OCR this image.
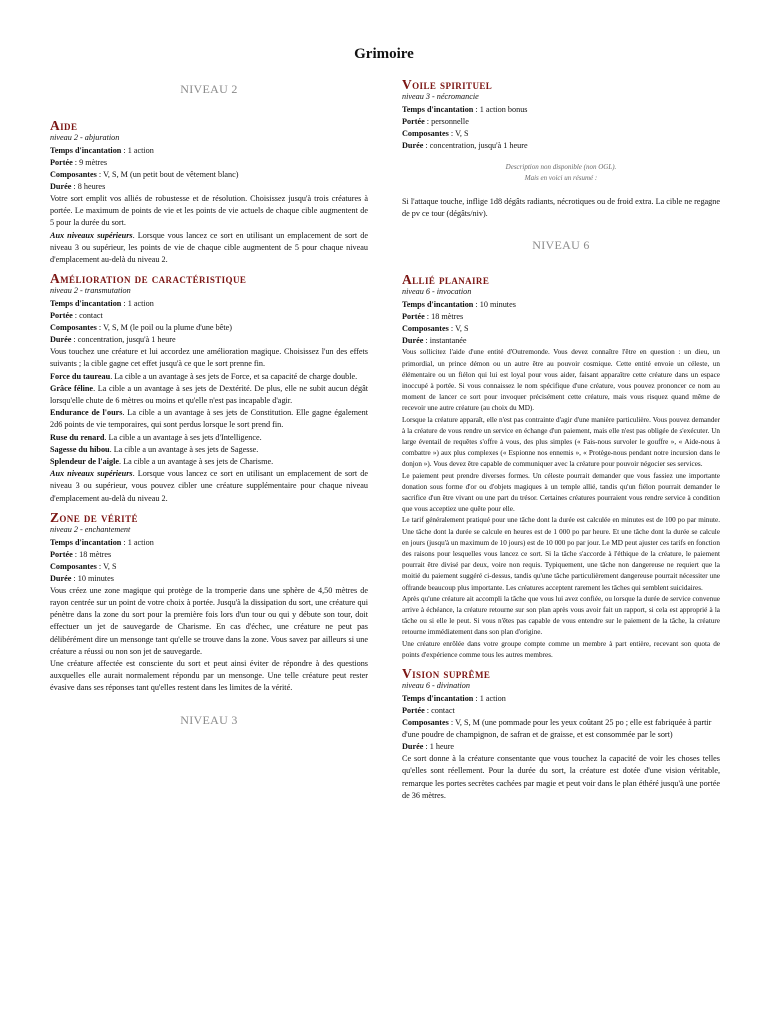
Grimoire
NIVEAU 2
Aide
niveau 2 - abjuration
Temps d'incantation : 1 action
Portée : 9 mètres
Composantes : V, S, M (un petit bout de vêtement blanc)
Durée : 8 heures

Votre sort emplit vos alliés de robustesse et de résolution. Choisissez jusqu'à trois créatures à portée. Le maximum de points de vie et les points de vie actuels de chaque cible augmentent de 5 pour la durée du sort.

Aux niveaux supérieurs. Lorsque vous lancez ce sort en utilisant un emplacement de sort de niveau 3 ou supérieur, les points de vie de chaque cible augmentent de 5 pour chaque niveau d'emplacement au-delà du niveau 2.

Amélioration de caractéristique
niveau 2 - transmutation
Temps d'incantation : 1 action
Portée : contact
Composantes : V, S, M (le poil ou la plume d'une bête)
Durée : concentration, jusqu'à 1 heure

Vous touchez une créature et lui accordez une amélioration magique. Choisissez l'un des effets suivants ; la cible gagne cet effet jusqu'à ce que le sort prenne fin.

Force du taureau. La cible a un avantage à ses jets de Force, et sa capacité de charge double.

Grâce féline. La cible a un avantage à ses jets de Dextérité. De plus, elle ne subit aucun dégât lorsqu'elle chute de 6 mètres ou moins et qu'elle n'est pas incapable d'agir.

Endurance de l'ours. La cible a un avantage à ses jets de Constitution. Elle gagne également 2d6 points de vie temporaires, qui sont perdus lorsque le sort prend fin.

Ruse du renard. La cible a un avantage à ses jets d'Intelligence.

Sagesse du hibou. La cible a un avantage à ses jets de Sagesse.

Splendeur de l'aigle. La cible a un avantage à ses jets de Charisme.

Aux niveaux supérieurs. Lorsque vous lancez ce sort en utilisant un emplacement de sort de niveau 3 ou supérieur, vous pouvez cibler une créature supplémentaire pour chaque niveau d'emplacement au-delà du niveau 2.

Zone de vérité
niveau 2 - enchantement
Temps d'incantation : 1 action
Portée : 18 mètres
Composantes : V, S
Durée : 10 minutes

Vous créez une zone magique qui protège de la tromperie dans une sphère de 4,50 mètres de rayon centrée sur un point de votre choix à portée. Jusqu'à la dissipation du sort, une créature qui pénètre dans la zone du sort pour la première fois lors d'un tour ou qui y débute son tour, doit effectuer un jet de sauvegarde de Charisme. En cas d'échec, une créature ne peut pas délibérément dire un mensonge tant qu'elle se trouve dans la zone. Vous savez par ailleurs si une créature a réussi ou non son jet de sauvegarde.

Une créature affectée est consciente du sort et peut ainsi éviter de répondre à des questions auxquelles elle aurait normalement répondu par un mensonge. Une telle créature peut rester évasive dans ses réponses tant qu'elles restent dans les limites de la vérité.

NIVEAU 3
Voile spirituel
niveau 3 - nécromancie
Temps d'incantation : 1 action bonus
Portée : personnelle
Composantes : V, S
Durée : concentration, jusqu'à 1 heure
Description non disponible (non OGL).
Mais en voici un résumé :

Si l'attaque touche, inflige 1d8 dégâts radiants, nécrotiques ou de froid extra. La cible ne regagne de pv ce tour (dégâts/niv).

NIVEAU 6
Allié planaire
niveau 6 - invocation
Temps d'incantation : 10 minutes
Portée : 18 mètres
Composantes : V, S
Durée : instantanée

Vous sollicitez l'aide d'une entité d'Outremonde. Vous devez connaître l'être en question : un dieu, un primordial, un prince démon ou un autre être au pouvoir cosmique. Cette entité envoie un céleste, un élémentaire ou un fiélon qui lui est loyal pour vous aider, faisant apparaître cette créature dans un espace inoccupé à portée. Si vous connaissez le nom spécifique d'une créature, vous pouvez prononcer ce nom au moment de lancer ce sort pour invoquer précisément cette créature, mais vous risquez quand même de recevoir une autre créature (au choix du MD).

Lorsque la créature apparaît, elle n'est pas contrainte d'agir d'une manière particulière. Vous pouvez demander à la créature de vous rendre un service en échange d'un paiement, mais elle n'est pas obligée de s'exécuter. Un large éventail de requêtes s'offre à vous, des plus simples (« Fais-nous survoler le gouffre », « Aide-nous à combattre ») aux plus complexes (« Espionne nos ennemis », « Protège-nous pendant notre incursion dans le donjon »). Vous devez être capable de communiquer avec la créature pour pouvoir négocier ses services.

Le paiement peut prendre diverses formes. Un céleste pourrait demander que vous fassiez une importante donation sous forme d'or ou d'objets magiques à un temple allié, tandis qu'un fiélon pourrait demander le sacrifice d'un être vivant ou une part du trésor. Certaines créatures pourraient vous rendre service à condition que vous acceptiez une quête pour elle.

Le tarif généralement pratiqué pour une tâche dont la durée est calculée en minutes est de 100 po par minute. Une tâche dont la durée se calcule en heures est de 1 000 po par heure. Et une tâche dont la durée se calcule en jours (jusqu'à un maximum de 10 jours) est de 10 000 po par jour. Le MD peut ajuster ces tarifs en fonction des raisons pour lesquelles vous lancez ce sort. Si la tâche s'accorde à l'éthique de la créature, le paiement pourrait être divisé par deux, voire non requis. Typiquement, une tâche non dangereuse ne requiert que la moitié du paiement suggéré ci-dessus, tandis qu'une tâche particulièrement dangereuse pourrait nécessiter une offrande beaucoup plus importante. Les créatures acceptent rarement les tâches qui semblent suicidaires.

Après qu'une créature ait accompli la tâche que vous lui avez confiée, ou lorsque la durée de service convenue arrive à échéance, la créature retourne sur son plan après vous avoir fait un rapport, si cela est approprié à la tâche ou si elle le peut. Si vous n'êtes pas capable de vous entendre sur le paiement de la tâche, la créature retourne immédiatement dans son plan d'origine.

Une créature enrôlée dans votre groupe compte comme un membre à part entière, recevant son quota de points d'expérience comme tous les autres membres.

Vision suprême
niveau 6 - divination
Temps d'incantation : 1 action
Portée : contact
Composantes : V, S, M (une pommade pour les yeux coûtant 25 po ; elle est fabriquée à partir d'une poudre de champignon, de safran et de graisse, et est consommée par le sort)
Durée : 1 heure

Ce sort donne à la créature consentante que vous touchez la capacité de voir les choses telles qu'elles sont réellement. Pour la durée du sort, la créature est dotée d'une vision véritable, remarque les portes secrètes cachées par magie et peut voir dans le plan éthéré jusqu'à une portée de 36 mètres.
